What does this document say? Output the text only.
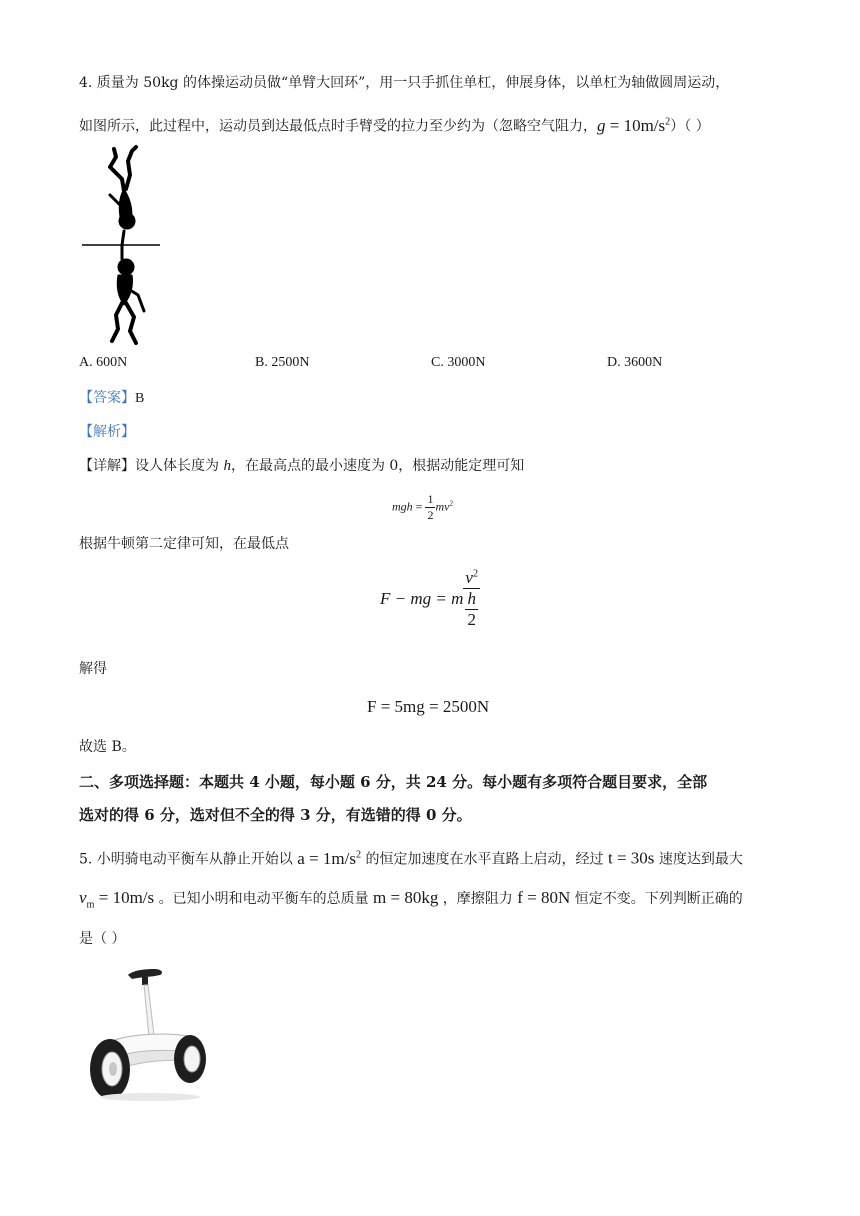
4. 质量为 50kg 的体操运动员做“单臂大回环”，用一只手抓住单杠，伸展身体，以单杠为轴做圆周运动，
如图所示，此过程中，运动员到达最低点时手臂受的拉力至少约为（忽略空气阻力，$g = 10m/s^2$）（ ）
A. 600N	B. 2500N	C. 3000N	D. 3600N
【答案】B
【解析】
【详解】设人体长度为 h，在最高点的最小速度为 0，根据动能定理可知
mgh = $\frac{1}{2} mv^2$
根据牛顿第二定律可知，在最低点
F − mg = m $\frac{v^2}{\frac{h}{2}}$
解得
F = 5mg = 2500N
故选 B。
二、多项选择题：本题共 4 小题，每小题 6 分，共 24 分。每小题有多项符合题目要求，全部
选对的得 6 分，选对但不全的得 3 分，有选错的得 0 分。
5. 小明骑电动平衡车从静止开始以 $a = 1m/s^2$ 的恒定加速度在水平直路上启动，经过 t = 30s 速度达到最大
$v_m = 10m/s$ 。已知小明和电动平衡车的总质量 m = 80kg ，摩擦阻力 f = 80N 恒定不变。下列判断正确的
是（ ）
